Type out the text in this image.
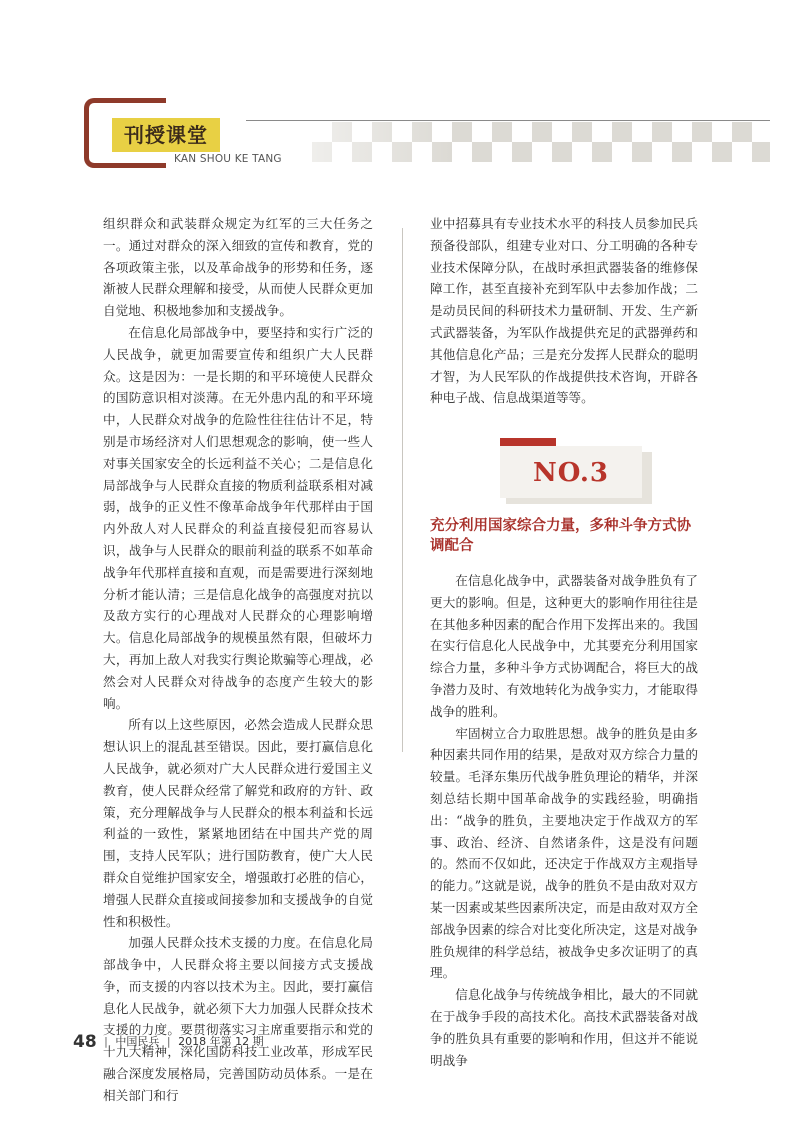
刊授课堂
KAN SHOU KE TANG

组织群众和武装群众规定为红军的三大任务之一。通过对群众的深入细致的宣传和教育，党的各项政策主张，以及革命战争的形势和任务，逐渐被人民群众理解和接受，从而使人民群众更加自觉地、积极地参加和支援战争。

在信息化局部战争中，要坚持和实行广泛的人民战争，就更加需要宣传和组织广大人民群众。这是因为：一是长期的和平环境使人民群众的国防意识相对淡薄。在无外患内乱的和平环境中，人民群众对战争的危险性往往估计不足，特别是市场经济对人们思想观念的影响，使一些人对事关国家安全的长远利益不关心；二是信息化局部战争与人民群众直接的物质利益联系相对减弱，战争的正义性不像革命战争年代那样由于国内外敌人对人民群众的利益直接侵犯而容易认识，战争与人民群众的眼前利益的联系不如革命战争年代那样直接和直观，而是需要进行深刻地分析才能认清；三是信息化战争的高强度对抗以及敌方实行的心理战对人民群众的心理影响增大。信息化局部战争的规模虽然有限，但破坏力大，再加上敌人对我实行舆论欺骗等心理战，必然会对人民群众对待战争的态度产生较大的影响。

所有以上这些原因，必然会造成人民群众思想认识上的混乱甚至错误。因此，要打赢信息化人民战争，就必须对广大人民群众进行爱国主义教育，使人民群众经常了解党和政府的方针、政策，充分理解战争与人民群众的根本利益和长远利益的一致性，紧紧地团结在中国共产党的周围，支持人民军队；进行国防教育，使广大人民群众自觉维护国家安全，增强敢打必胜的信心，增强人民群众直接或间接参加和支援战争的自觉性和积极性。

加强人民群众技术支援的力度。在信息化局部战争中，人民群众将主要以间接方式支援战争，而支援的内容以技术为主。因此，要打赢信息化人民战争，就必须下大力加强人民群众技术支援的力度。要贯彻落实习主席重要指示和党的十九大精神，深化国防科技工业改革，形成军民融合深度发展格局，完善国防动员体系。一是在相关部门和行

业中招募具有专业技术水平的科技人员参加民兵预备役部队，组建专业对口、分工明确的各种专业技术保障分队，在战时承担武器装备的维修保障工作，甚至直接补充到军队中去参加作战；二是动员民间的科研技术力量研制、开发、生产新式武器装备，为军队作战提供充足的武器弹药和其他信息化产品；三是充分发挥人民群众的聪明才智，为人民军队的作战提供技术咨询，开辟各种电子战、信息战渠道等等。

NO.3
充分利用国家综合力量，多种斗争方式协调配合

在信息化战争中，武器装备对战争胜负有了更大的影响。但是，这种更大的影响作用往往是在其他多种因素的配合作用下发挥出来的。我国在实行信息化人民战争中，尤其要充分利用国家综合力量，多种斗争方式协调配合，将巨大的战争潜力及时、有效地转化为战争实力，才能取得战争的胜利。

牢固树立合力取胜思想。战争的胜负是由多种因素共同作用的结果，是敌对双方综合力量的较量。毛泽东集历代战争胜负理论的精华，并深刻总结长期中国革命战争的实践经验，明确指出：“战争的胜负，主要地决定于作战双方的军事、政治、经济、自然诸条件，这是没有问题的。然而不仅如此，还决定于作战双方主观指导的能力。”这就是说，战争的胜负不是由敌对双方某一因素或某些因素所决定，而是由敌对双方全部战争因素的综合对比变化所决定，这是对战争胜负规律的科学总结，被战争史多次证明了的真理。

信息化战争与传统战争相比，最大的不同就在于战争手段的高技术化。高技术武器装备对战争的胜负具有重要的影响和作用，但这并不能说明战争

48 | 中国民兵 | 2018 年第 12 期
